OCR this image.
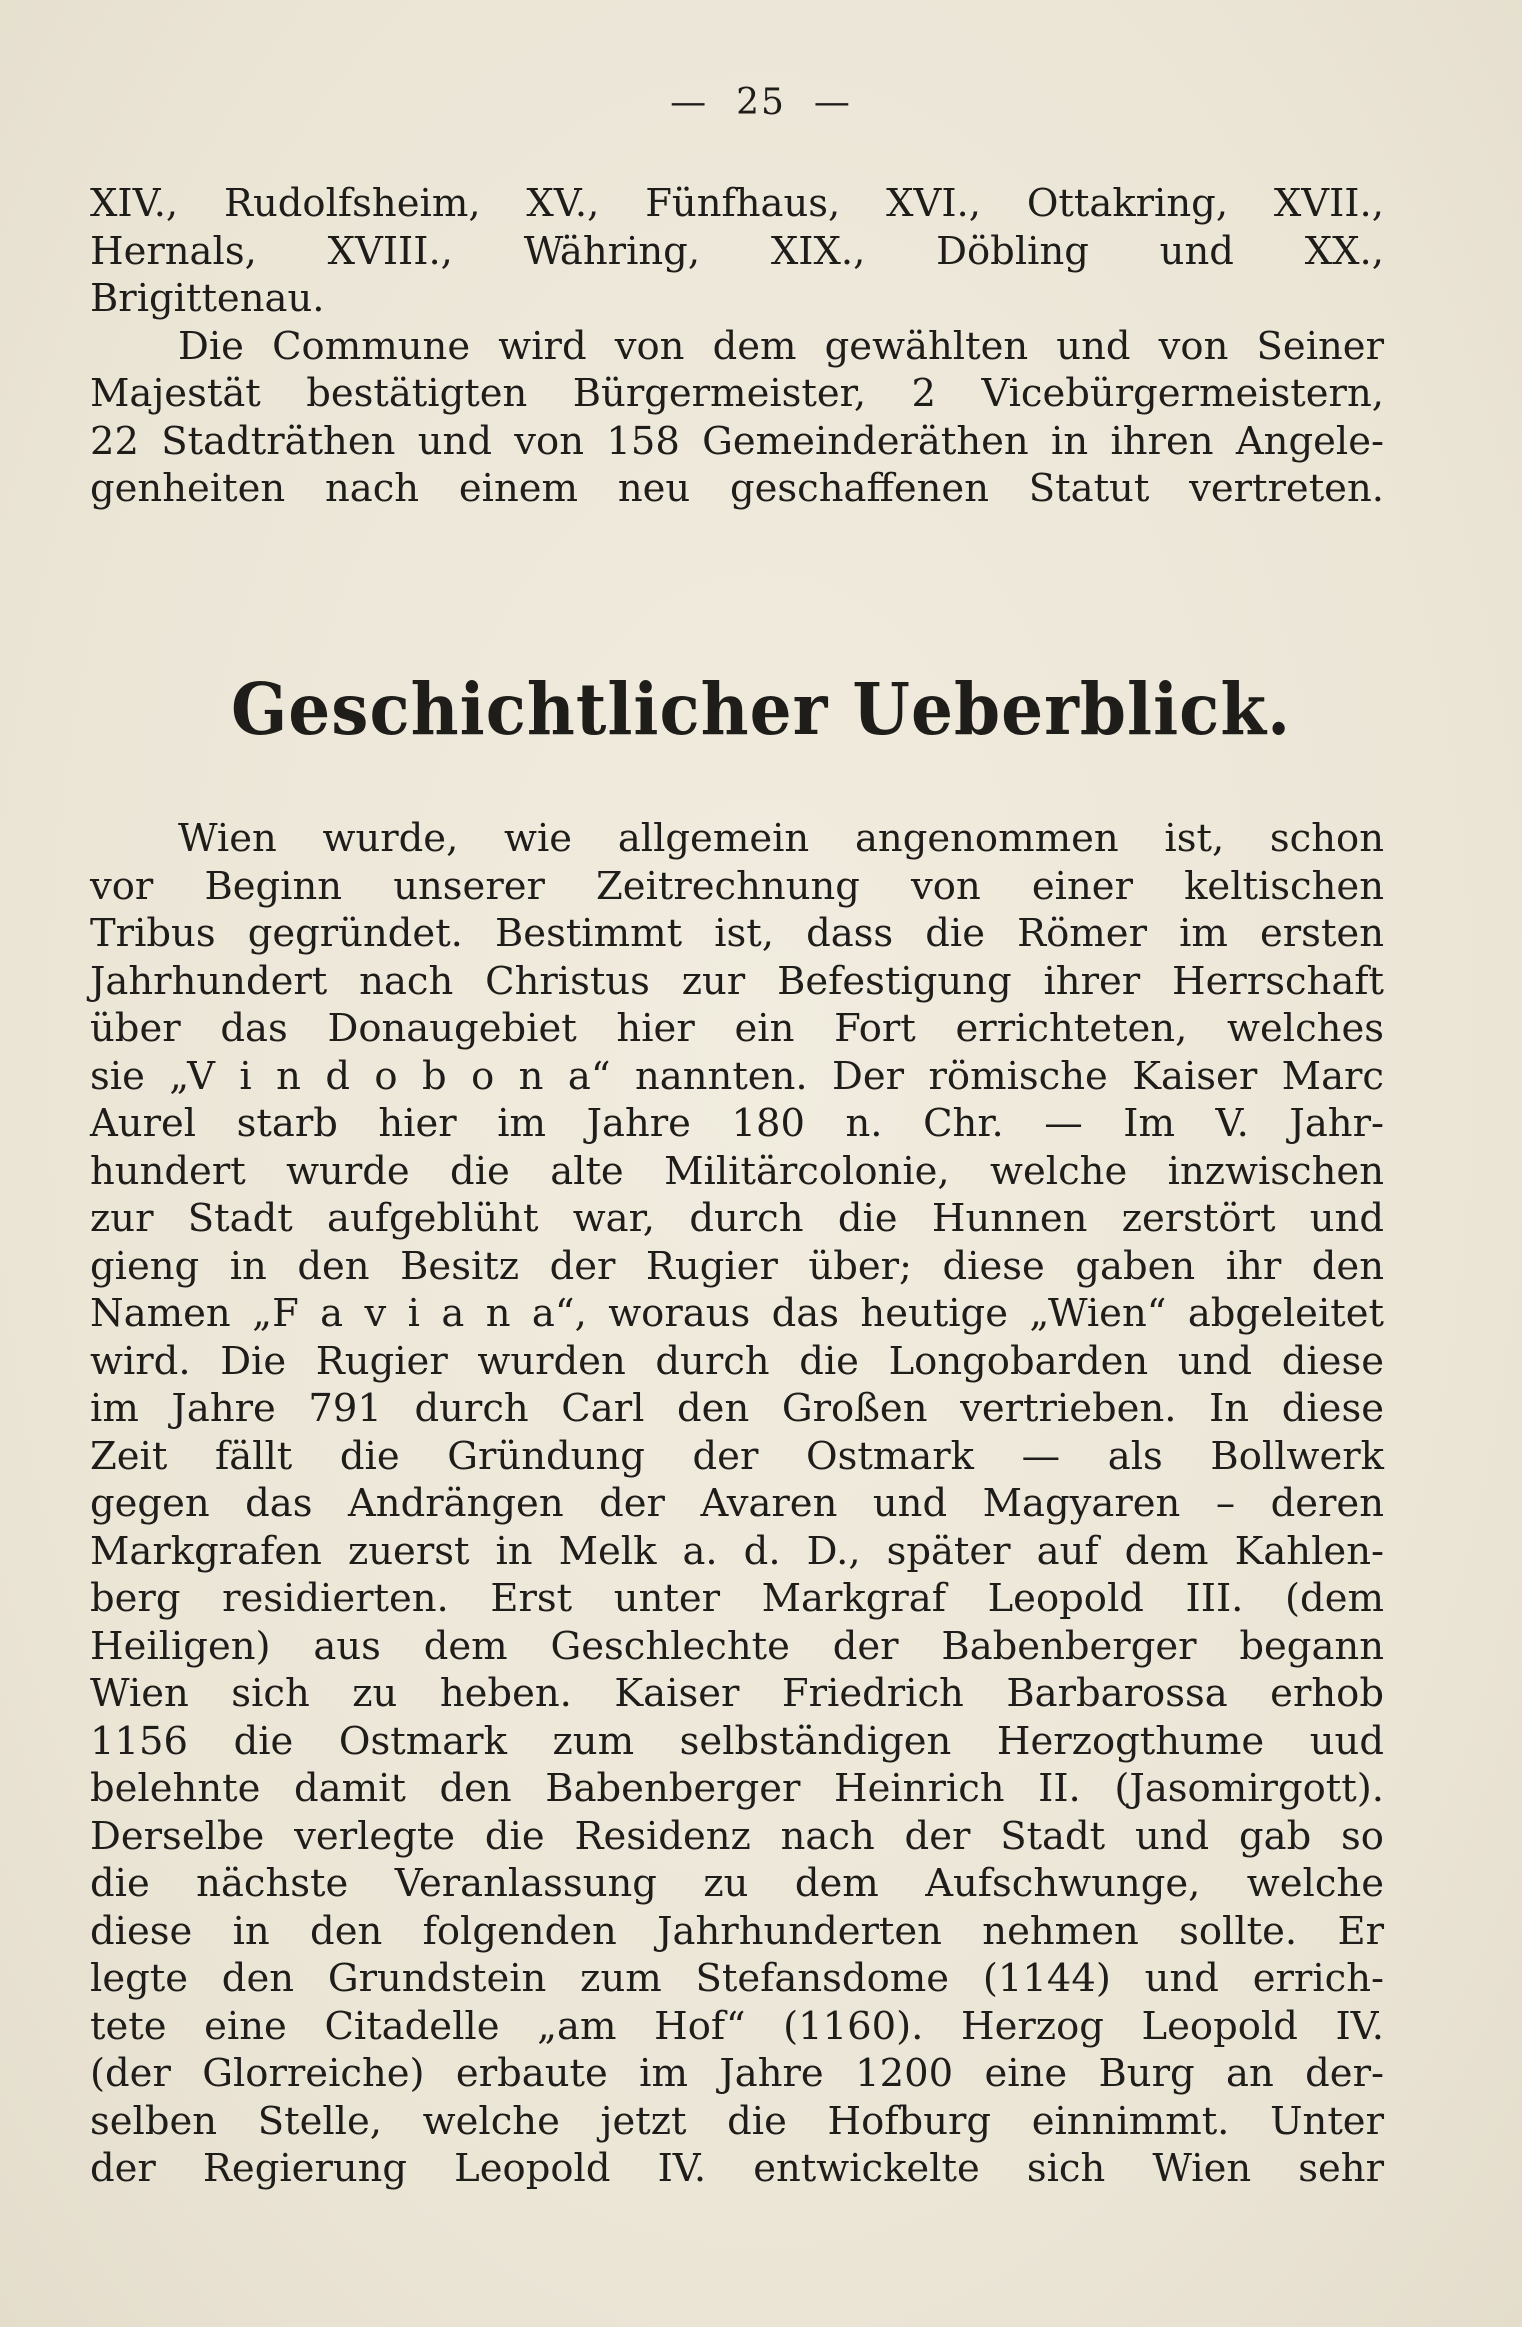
— 25 —
XIV., Rudolfsheim, XV., Fünfhaus, XVI., Ottakring, XVII.,
Hernals, XVIII., Währing, XIX., Döbling und XX.,
Brigittenau.
Die Commune wird von dem gewählten und von Seiner
Majestät bestätigten Bürgermeister, 2 Vicebürgermeistern,
22 Stadträthen und von 158 Gemeinderäthen in ihren Angele-
genheiten nach einem neu geschaffenen Statut vertreten.
Geschichtlicher Ueberblick.
Wien wurde, wie allgemein angenommen ist, schon
vor Beginn unserer Zeitrechnung von einer keltischen
Tribus gegründet. Bestimmt ist, dass die Römer im ersten
Jahrhundert nach Christus zur Befestigung ihrer Herrschaft
über das Donaugebiet hier ein Fort errichteten, welches
sie „V i n d o b o n a“ nannten. Der römische Kaiser Marc
Aurel starb hier im Jahre 180 n. Chr. — Im V. Jahr-
hundert wurde die alte Militärcolonie, welche inzwischen
zur Stadt aufgeblüht war, durch die Hunnen zerstört und
gieng in den Besitz der Rugier über; diese gaben ihr den
Namen „F a v i a n a“, woraus das heutige „Wien“ abgeleitet
wird. Die Rugier wurden durch die Longobarden und diese
im Jahre 791 durch Carl den Großen vertrieben. In diese
Zeit fällt die Gründung der Ostmark — als Bollwerk
gegen das Andrängen der Avaren und Magyaren – deren
Markgrafen zuerst in Melk a. d. D., später auf dem Kahlen-
berg residierten. Erst unter Markgraf Leopold III. (dem
Heiligen) aus dem Geschlechte der Babenberger begann
Wien sich zu heben. Kaiser Friedrich Barbarossa erhob
1156 die Ostmark zum selbständigen Herzogthume uud
belehnte damit den Babenberger Heinrich II. (Jasomirgott).
Derselbe verlegte die Residenz nach der Stadt und gab so
die nächste Veranlassung zu dem Aufschwunge, welche
diese in den folgenden Jahrhunderten nehmen sollte. Er
legte den Grundstein zum Stefansdome (1144) und errich-
tete eine Citadelle „am Hof“ (1160). Herzog Leopold IV.
(der Glorreiche) erbaute im Jahre 1200 eine Burg an der-
selben Stelle, welche jetzt die Hofburg einnimmt. Unter
der Regierung Leopold IV. entwickelte sich Wien sehr
